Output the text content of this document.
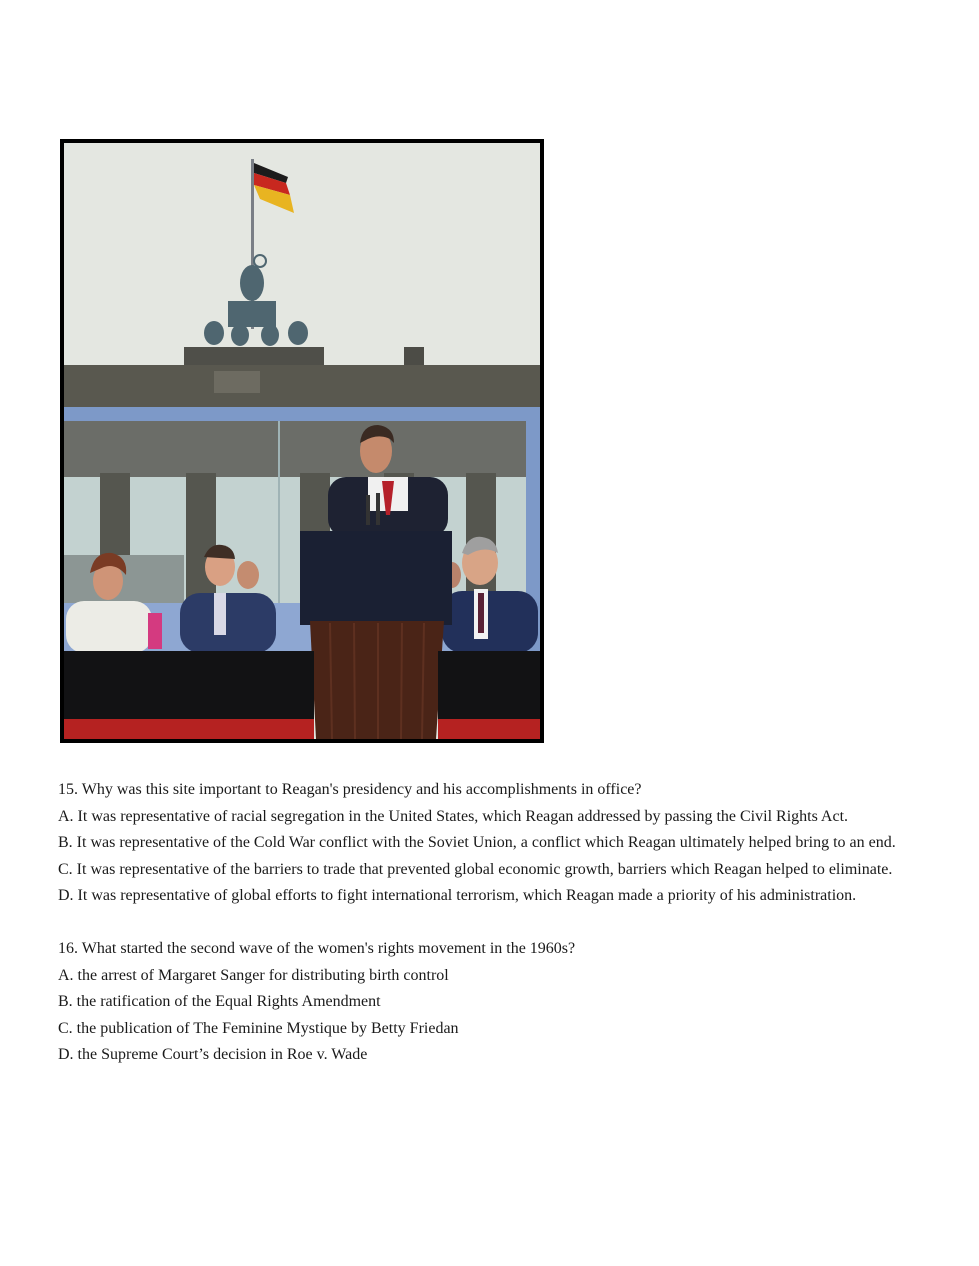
15. Why was this site important to Reagan's presidency and his accomplishments in office?
A. It was representative of racial segregation in the United States, which Reagan addressed by passing the Civil Rights Act.
B. It was representative of the Cold War conflict with the Soviet Union, a conflict which Reagan ultimately helped bring to an end.
C. It was representative of the barriers to trade that prevented global economic growth, barriers which Reagan helped to eliminate.
D. It was representative of global efforts to fight international terrorism, which Reagan made a priority of his administration.

16. What started the second wave of the women's rights movement in the 1960s?
A. the arrest of Margaret Sanger for distributing birth control
B. the ratification of the Equal Rights Amendment
C. the publication of The Feminine Mystique by Betty Friedan
D. the Supreme Court’s decision in Roe v. Wade
